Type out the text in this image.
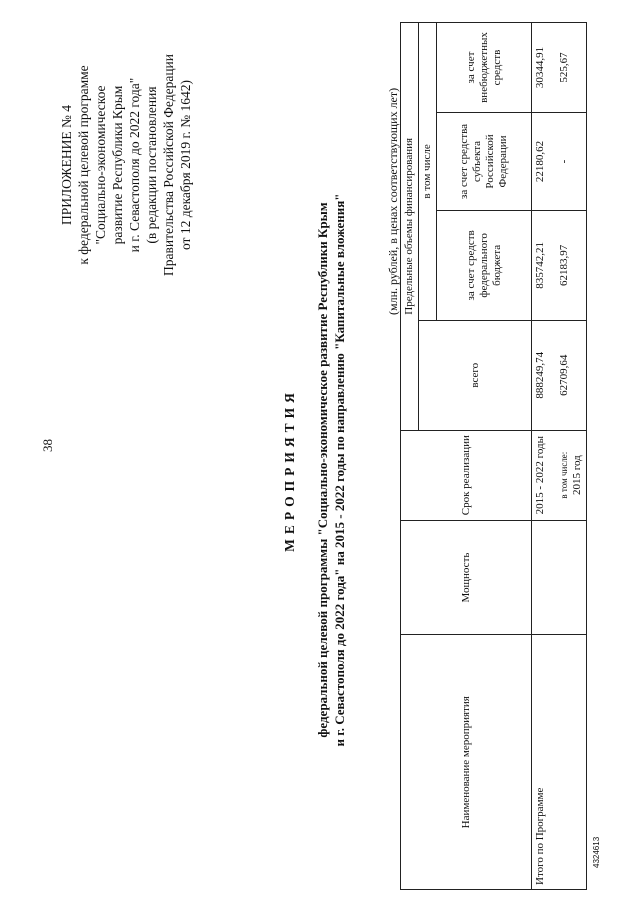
38
4324613
ПРИЛОЖЕНИЕ № 4 к федеральной целевой программе "Социально-экономическое развитие Республики Крым и г. Севастополя до 2022 года" (в редакции постановления Правительства Российской Федерации от 12 декабря 2019 г. № 1642)
МЕРОПРИЯТИЯ федеральной целевой программы "Социально-экономическое развитие Республики Крым и г. Севастополя до 2022 года" на 2015 - 2022 годы по направлению "Капитальные вложения"	(млн. рублей, в ценах соответствующих лет)
Наименование мероприятия	Мощность	Срок реализации	Предельные объемы финансирования			
			всего	в том числе		
				за счет средств федерального бюджета	за счет средства субъекта Российской Федерации	за счет внебюджетных средств
Итого по Программе		2015 - 2022 годы	888249,74	835742,21	22180,62	30344,91

		в том числе: 2015 год	62709,64	62183,97	-	525,67
